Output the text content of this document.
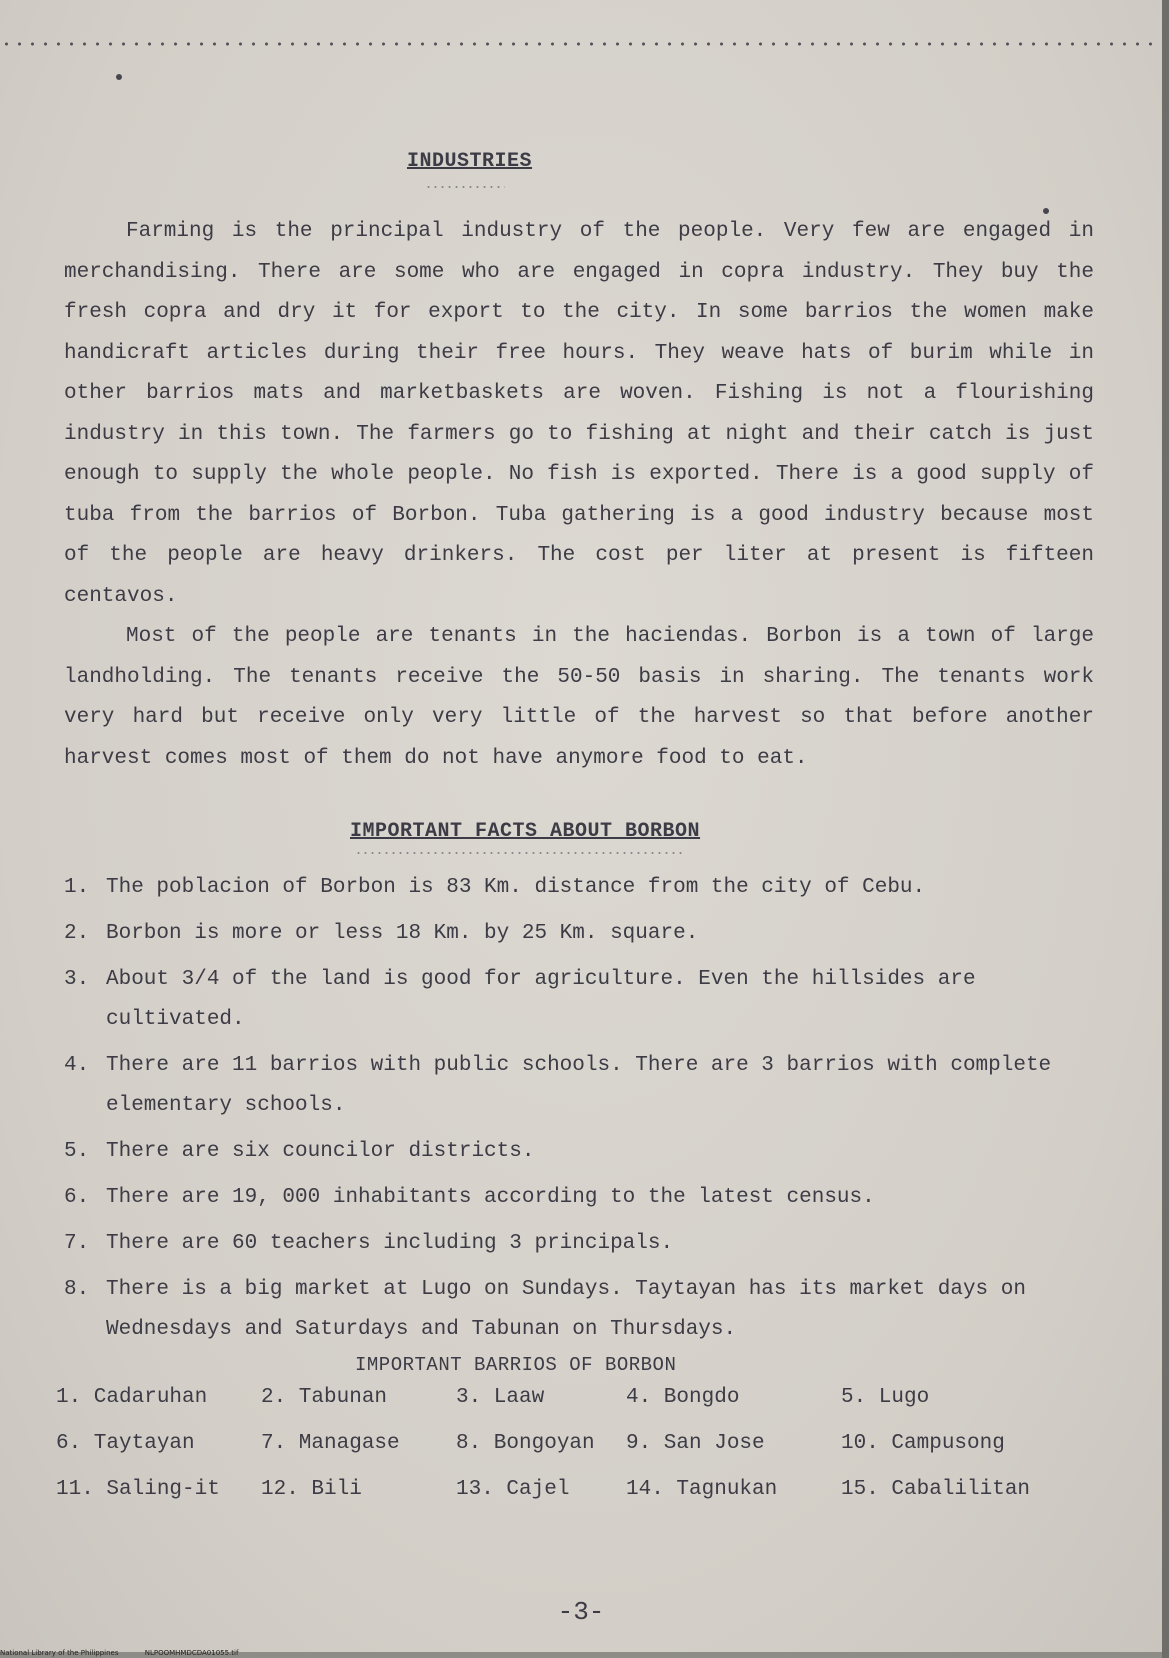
INDUSTRIES

Farming is the principal industry of the people. Very few are engaged in merchandising. There are some who are engaged in copra industry. They buy the fresh copra and dry it for export to the city. In some barrios the women make handicraft articles during their free hours. They weave hats of burim while in other barrios mats and marketbaskets are woven. Fishing is not a flourishing industry in this town. The farmers go to fishing at night and their catch is just enough to supply the whole people. No fish is exported. There is a good supply of tuba from the barrios of Borbon. Tuba gathering is a good industry because most of the people are heavy drinkers. The cost per liter at present is fifteen centavos.

Most of the people are tenants in the haciendas. Borbon is a town of large landholding. The tenants receive the 50-50 basis in sharing. The tenants work very hard but receive only very little of the harvest so that before another harvest comes most of them do not have anymore food to eat.

IMPORTANT FACTS ABOUT BORBON
1. The poblacion of Borbon is 83 Km. distance from the city of Cebu.
2. Borbon is more or less 18 Km. by 25 Km. square.
3. About 3/4 of the land is good for agriculture. Even the hillsides are cultivated.
4. There are 11 barrios with public schools. There are 3 barrios with complete elementary schools.
5. There are six councilor districts.
6. There are 19, 000 inhabitants according to the latest census.
7. There are 60 teachers including 3 principals.
8. There is a big market at Lugo on Sundays. Taytayan has its market days on Wednesdays and Saturdays and Tabunan on Thursdays.
IMPORTANT BARRIOS OF BORBON
1. Cadaruhan	2. Tabunan	3. Laaw	4. Bongdo	5. Lugo
6. Taytayan	7. Managase	8. Bongoyan	9. San Jose	10. Campusong
11. Saling-it	12. Bili	13. Cajel	14. Tagnukan	15. Cabalilitan
-3-
National Library of the Philippines	NLPOOMHMDCDA01055.tif
